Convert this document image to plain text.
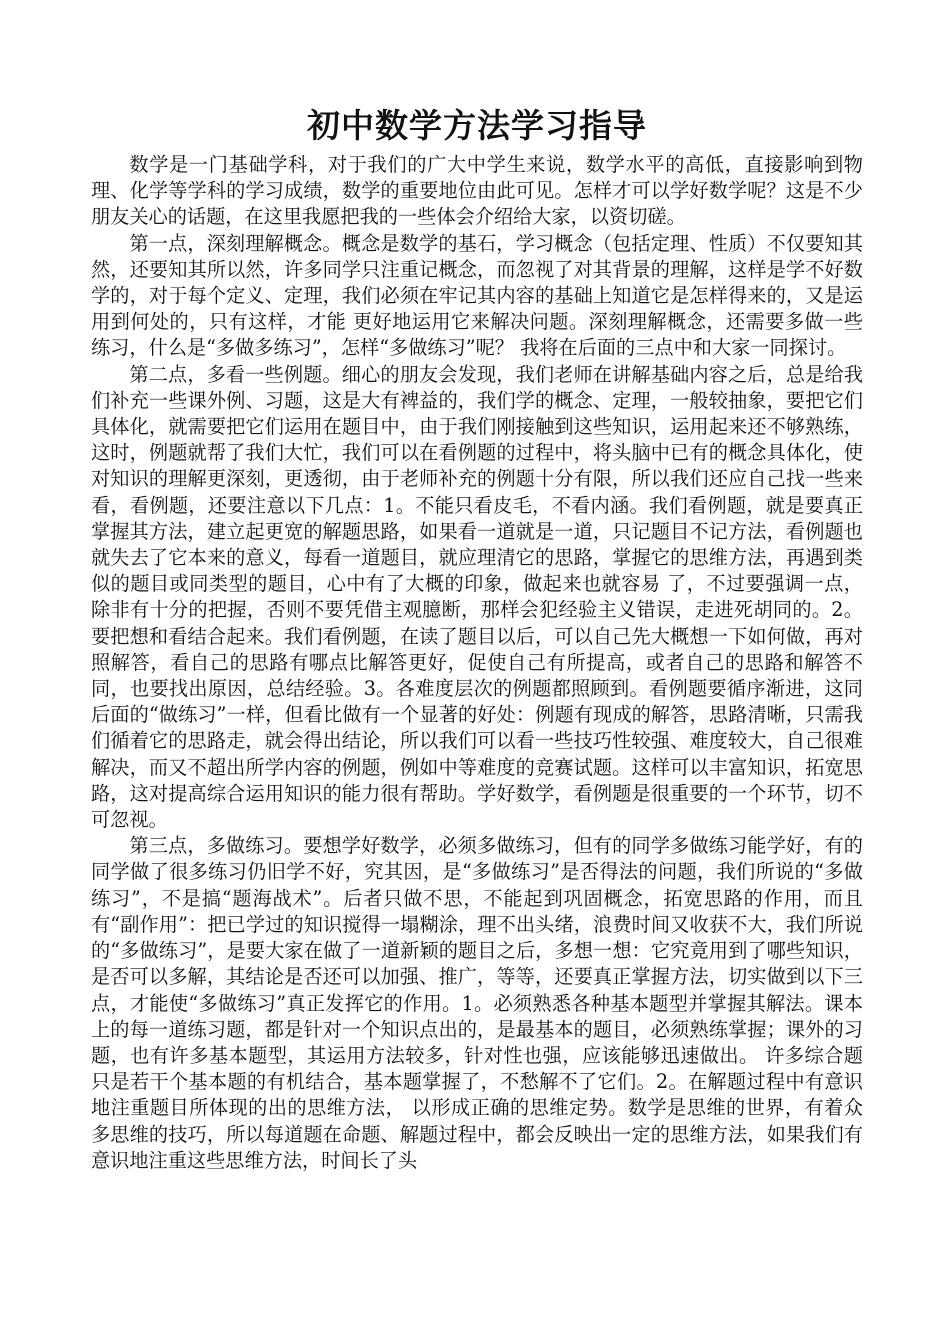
初中数学方法学习指导

数学是一门基础学科，对于我们的广大中学生来说，数学水平的高低，直接影响到物理、化学等学科的学习成绩，数学的重要地位由此可见。怎样才可以学好数学呢？这是不少朋友关心的话题，在这里我愿把我的一些体会介绍给大家，以资切磋。

第一点，深刻理解概念。概念是数学的基石，学习概念（包括定理、性质）不仅要知其然，还要知其所以然，许多同学只注重记概念，而忽视了对其背景的理解，这样是学不好数学的，对于每个定义、定理，我们必须在牢记其内容的基础上知道它是怎样得来的，又是运用到何处的，只有这样，才能 更好地运用它来解决问题。深刻理解概念，还需要多做一些练习，什么是“多做多练习”，怎样“多做练习”呢？ 我将在后面的三点中和大家一同探讨。

第二点，多看一些例题。细心的朋友会发现，我们老师在讲解基础内容之后，总是给我们补充一些课外例、习题，这是大有裨益的，我们学的概念、定理，一般较抽象，要把它们具体化，就需要把它们运用在题目中，由于我们刚接触到这些知识，运用起来还不够熟练，这时，例题就帮了我们大忙，我们可以在看例题的过程中，将头脑中已有的概念具体化，使对知识的理解更深刻，更透彻，由于老师补充的例题十分有限，所以我们还应自己找一些来看，看例题，还要注意以下几点：1。不能只看皮毛，不看内涵。我们看例题，就是要真正掌握其方法，建立起更宽的解题思路，如果看一道就是一道，只记题目不记方法，看例题也就失去了它本来的意义，每看一道题目，就应理清它的思路，掌握它的思维方法，再遇到类似的题目或同类型的题目，心中有了大概的印象，做起来也就容易 了，不过要强调一点，除非有十分的把握，否则不要凭借主观臆断，那样会犯经验主义错误，走进死胡同的。2。要把想和看结合起来。我们看例题，在读了题目以后，可以自己先大概想一下如何做，再对照解答，看自己的思路有哪点比解答更好，促使自己有所提高，或者自己的思路和解答不同，也要找出原因，总结经验。3。各难度层次的例题都照顾到。看例题要循序渐进，这同后面的“做练习”一样，但看比做有一个显著的好处：例题有现成的解答，思路清晰，只需我们循着它的思路走，就会得出结论，所以我们可以看一些技巧性较强、难度较大，自己很难解决，而又不超出所学内容的例题，例如中等难度的竞赛试题。这样可以丰富知识，拓宽思路，这对提高综合运用知识的能力很有帮助。学好数学，看例题是很重要的一个环节，切不可忽视。

第三点，多做练习。要想学好数学，必须多做练习，但有的同学多做练习能学好，有的同学做了很多练习仍旧学不好，究其因，是“多做练习”是否得法的问题，我们所说的“多做练习”，不是搞“题海战术”。后者只做不思，不能起到巩固概念，拓宽思路的作用，而且有“副作用”：把已学过的知识搅得一塌糊涂，理不出头绪，浪费时间又收获不大，我们所说的“多做练习”，是要大家在做了一道新颖的题目之后，多想一想：它究竟用到了哪些知识，是否可以多解，其结论是否还可以加强、推广，等等，还要真正掌握方法，切实做到以下三点，才能使“多做练习”真正发挥它的作用。1。必须熟悉各种基本题型并掌握其解法。课本上的每一道练习题，都是针对一个知识点出的，是最基本的题目，必须熟练掌握；课外的习题，也有许多基本题型，其运用方法较多，针对性也强，应该能够迅速做出。 许多综合题只是若干个基本题的有机结合，基本题掌握了，不愁解不了它们。2。在解题过程中有意识地注重题目所体现的出的思维方法， 以形成正确的思维定势。数学是思维的世界，有着众多思维的技巧，所以每道题在命题、解题过程中，都会反映出一定的思维方法，如果我们有意识地注重这些思维方法，时间长了头
